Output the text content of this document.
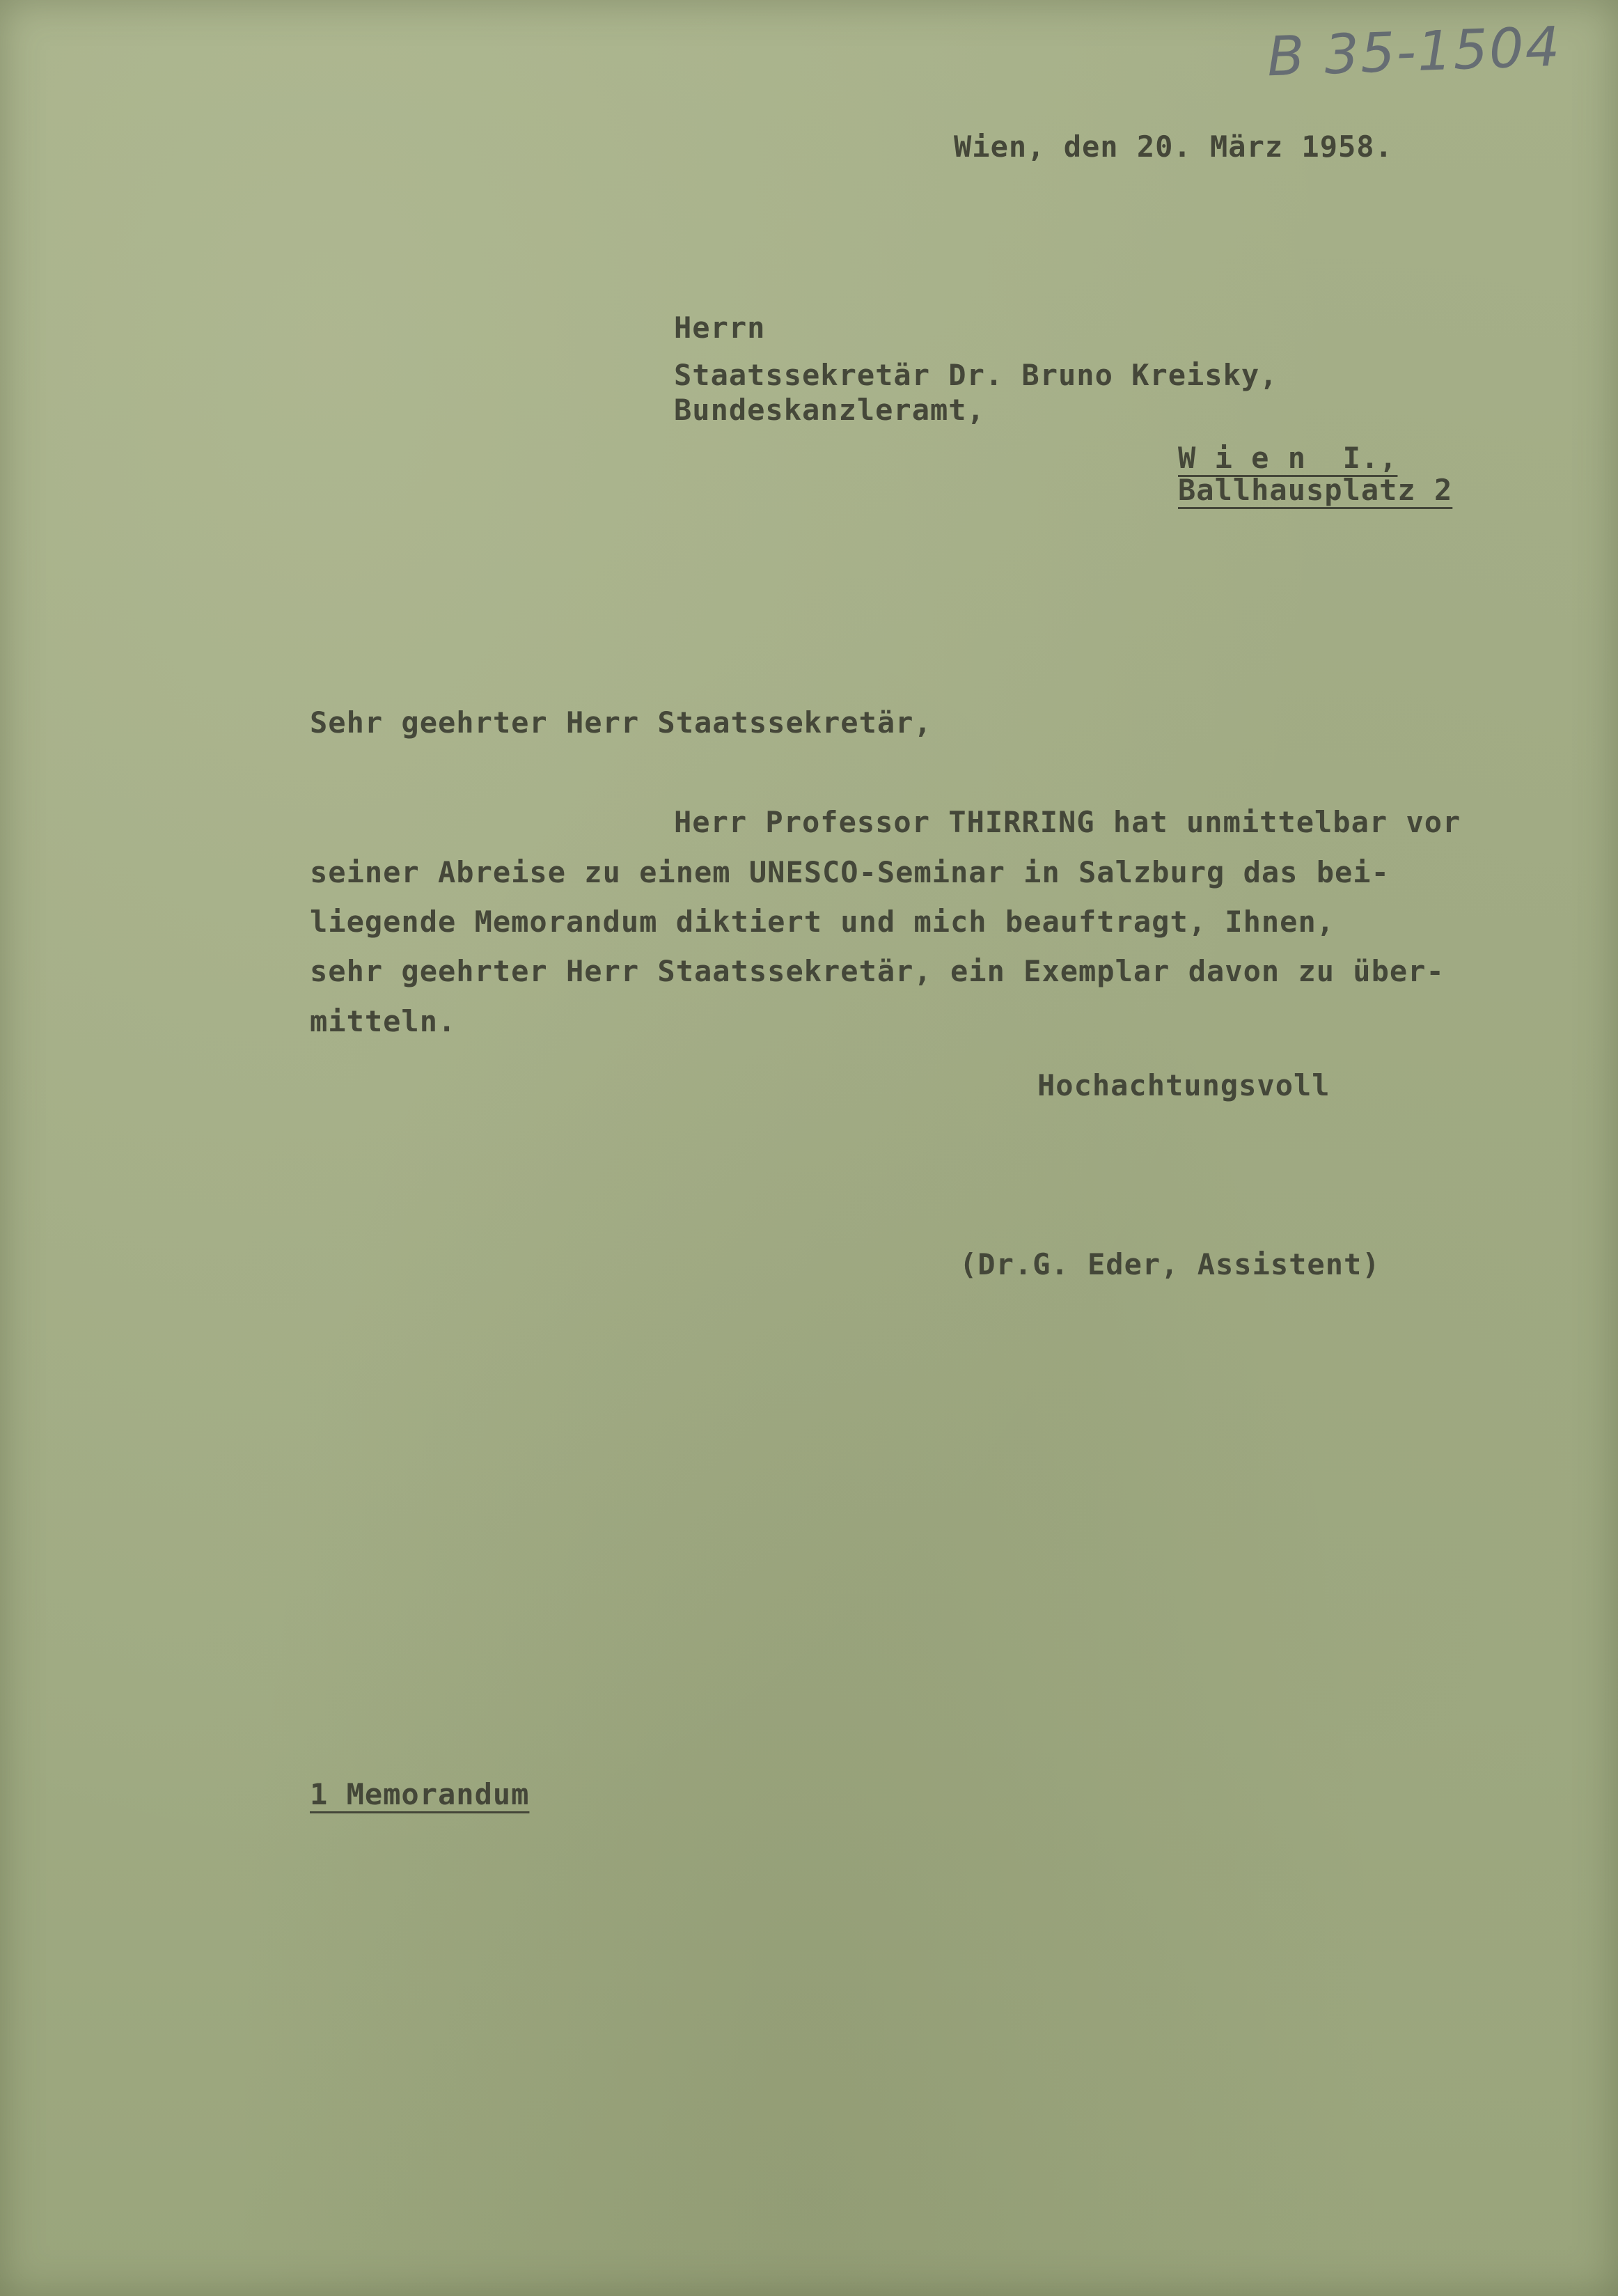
B 35-1504
Wien, den 20. März 1958.
Herrn
Staatssekretär Dr. Bruno Kreisky,
Bundeskanzleramt,
W i e n  I.,
Ballhausplatz 2
Sehr geehrter Herr Staatssekretär,
Herr Professor THIRRING hat unmittelbar vor
seiner Abreise zu einem UNESCO-Seminar in Salzburg das bei-
liegende Memorandum diktiert und mich beauftragt, Ihnen,
sehr geehrter Herr Staatssekretär, ein Exemplar davon zu über-
mitteln.
Hochachtungsvoll
(Dr.G. Eder, Assistent)
1 Memorandum
